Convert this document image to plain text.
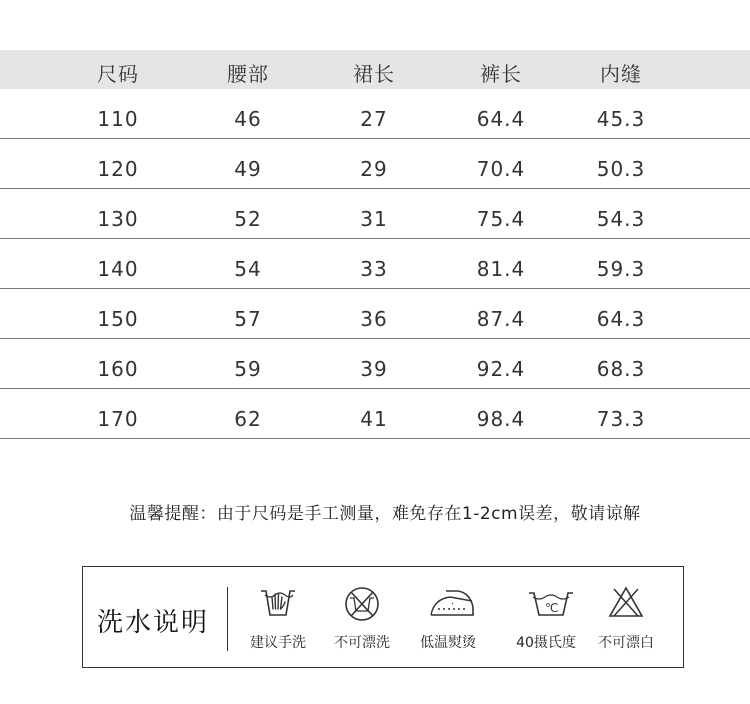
尺码	腰部	裙长	裤长	内缝
110	46	27	64.4	45.3
120	49	29	70.4	50.3
130	52	31	75.4	54.3
140	54	33	81.4	59.3
150	57	36	87.4	64.3
160	59	39	92.4	68.3
170	62	41	98.4	73.3
温馨提醒：由于尺码是手工测量，难免存在1-2cm误差，敬请谅解
洗水说明
建议手洗	不可漂洗
·
低温熨烫
℃
40摄氏度	不可漂白
